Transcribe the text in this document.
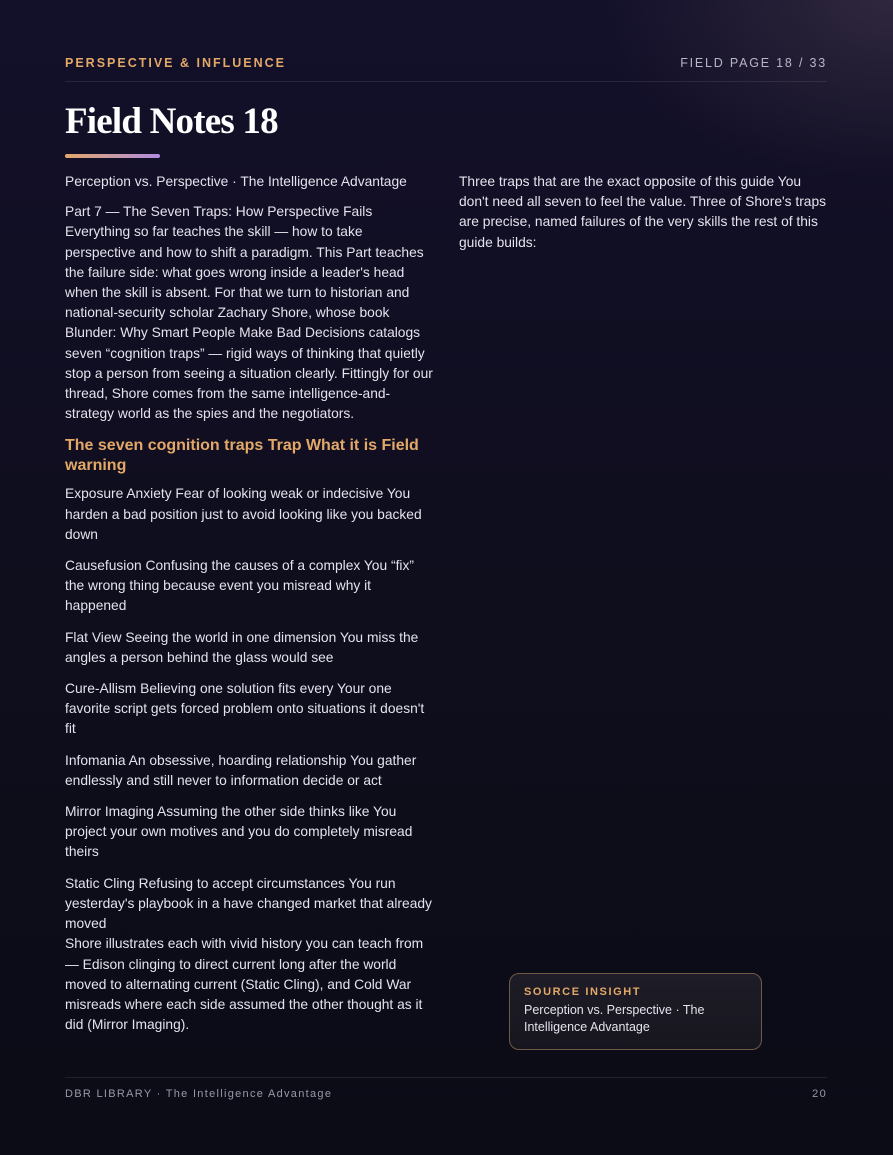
PERSPECTIVE & INFLUENCE	FIELD PAGE 18 / 33
Field Notes 18

Perception vs. Perspective · The Intelligence Advantage

Part 7 — The Seven Traps: How Perspective Fails Everything so far teaches the skill — how to take perspective and how to shift a paradigm. This Part teaches the failure side: what goes wrong inside a leader's head when the skill is absent. For that we turn to historian and national-security scholar Zachary Shore, whose book Blunder: Why Smart People Make Bad Decisions catalogs seven “cognition traps” — rigid ways of thinking that quietly stop a person from seeing a situation clearly. Fittingly for our thread, Shore comes from the same intelligence-and-strategy world as the spies and the negotiators.

The seven cognition traps Trap What it is Field warning

Exposure Anxiety Fear of looking weak or indecisive You harden a bad position just to avoid looking like you backed down

Causefusion Confusing the causes of a complex You “fix” the wrong thing because event you misread why it happened

Flat View Seeing the world in one dimension You miss the angles a person behind the glass would see

Cure-Allism Believing one solution fits every Your one favorite script gets forced problem onto situations it doesn't fit

Infomania An obsessive, hoarding relationship You gather endlessly and still never to information decide or act

Mirror Imaging Assuming the other side thinks like You project your own motives and you do completely misread theirs

Static Cling Refusing to accept circumstances You run yesterday's playbook in a have changed market that already moved

Shore illustrates each with vivid history you can teach from — Edison clinging to direct current long after the world moved to alternating current (Static Cling), and Cold War misreads where each side assumed the other thought as it did (Mirror Imaging).

Three traps that are the exact opposite of this guide You don't need all seven to feel the value. Three of Shore's traps are precise, named failures of the very skills the rest of this guide builds:

SOURCE INSIGHT
Perception vs. Perspective · The Intelligence Advantage
DBR LIBRARY · The Intelligence Advantage	20
